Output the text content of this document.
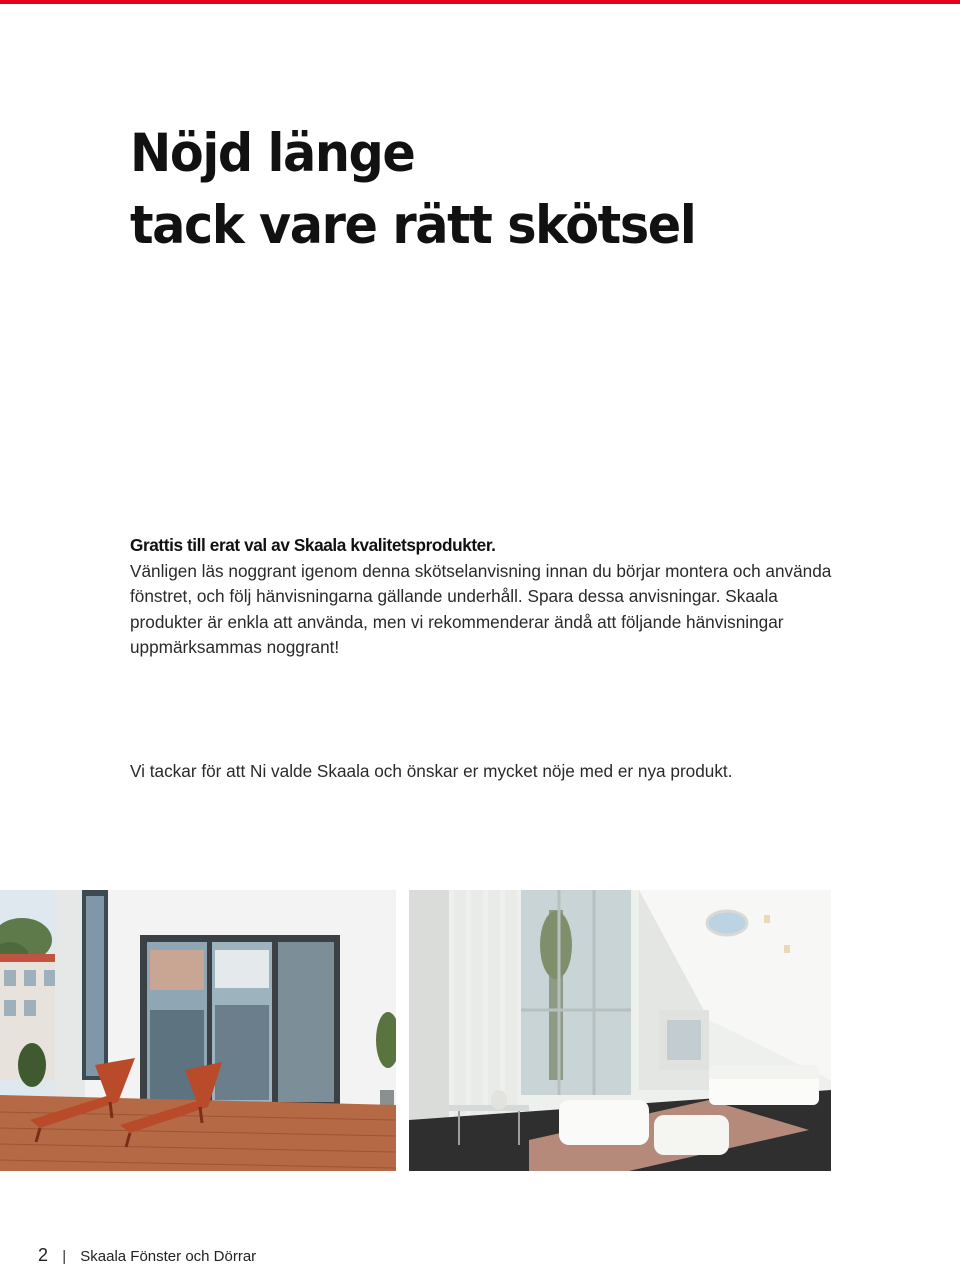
Nöjd länge
tack vare rätt skötsel
Grattis till erat val av Skaala kvalitetsprodukter.
Vänligen läs noggrant igenom denna skötselanvisning innan du börjar montera och använda fönstret, och följ hänvisningarna gällande underhåll. Spara dessa anvisningar. Skaala produkter är enkla att använda, men vi rekommenderar ändå att följande hänvisningar uppmärksammas noggrant!
Vi tackar för att Ni valde Skaala och önskar er mycket nöje med er nya produkt.
2 | Skaala Fönster och Dörrar
